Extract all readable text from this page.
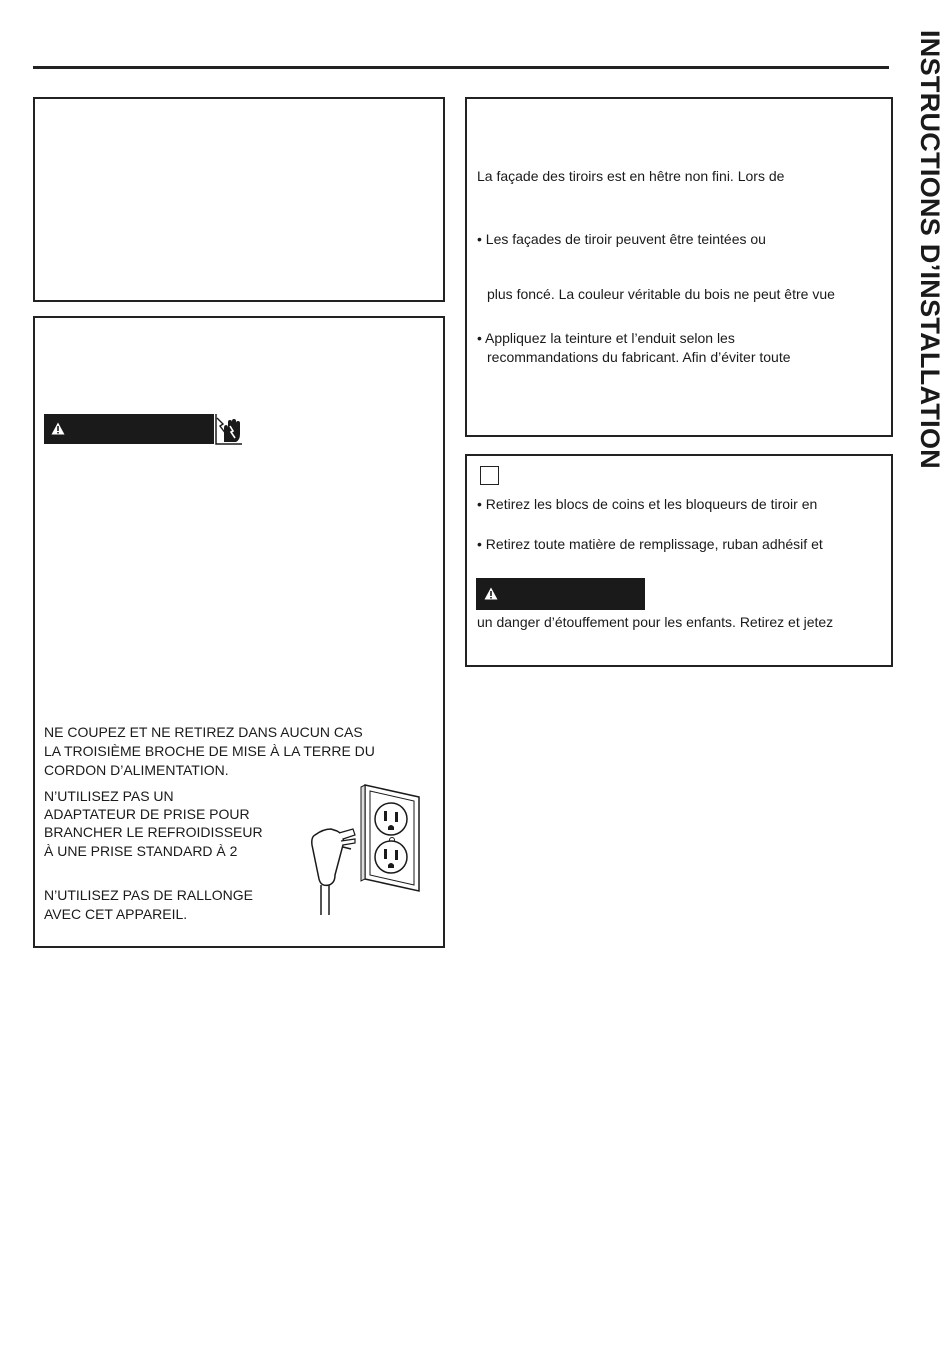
INSTRUCTIONS D’INSTALLATION

NE COUPEZ ET NE RETIREZ DANS AUCUN CAS

LA TROISIÈME BROCHE DE MISE À LA TERRE DU

CORDON D’ALIMENTATION.

N’UTILISEZ PAS UN

ADAPTATEUR DE PRISE POUR

BRANCHER LE REFROIDISSEUR

À UNE PRISE STANDARD À 2

N’UTILISEZ PAS DE RALLONGE

AVEC CET APPAREIL.

La façade des tiroirs est en hêtre non fini. Lors de

• Les façades de tiroir peuvent être teintées ou

plus foncé. La couleur véritable du bois ne peut être vue

• Appliquez la teinture et l’enduit selon les

recommandations du fabricant. Afin d’éviter toute

• Retirez les blocs de coins et les bloqueurs de tiroir en

• Retirez toute matière de remplissage, ruban adhésif et

un danger d’étouffement pour les enfants. Retirez et jetez
